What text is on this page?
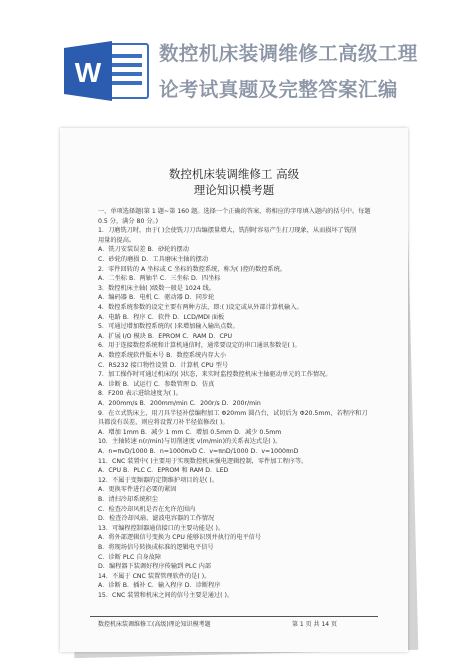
W
数控机床装调维修工高级工理
论考试真题及完整答案汇编
数控机床装调维修工 高级
理论知识模考题
一、单项选择题(第 1 题~第 160 题。选择一个正确的答案，将相应的字母填入题内的括号中。每题
0.5 分，满分 80 分。)
1．刀磨铣刀时，由于( )会使铣刀刀齿编摆量增大，铣削时容易产生打刀现象，从而损坏了铣削
用量的提高。
A．铣刀安装误差 B．砂轮的摆动
C．砂轮的磨损 D．工具磨床主轴的摆动
2．零件回转的 A 坐标或 C 坐标的数控系统，称为( )控的数控系统。
A．二坐标 B．两轴半 C．三坐标 D．四坐标
3．数控机床主轴( )级数一般是 1024 线。
A．编码器 B．电机 C．驱动器 D．同步轮
4．数控系统参数的设定主要有两种方法，即:( )设定或从外部计算机输入。
A．电路 B．程序 C．软件 D．LCD/MDI 面板
5．可通过增加数控系统的( )来增加输入输出点数。
A．扩展 I/O 模块 B．EPROM C．RAM D．CPU
6．用于连接数控系统和计算机通信时，通常要设定的串口通讯参数是( )。
A．数控系统软件版本号 B．数控系统内存大小
C．RS232 接口物性设置 D．计算机 CPU 型号
7．加工操作时可通过机床的( )状态，来实时监控数控机床主轴驱动单元的工作情况。
A．诊断 B．试运行 C．参数管理 D．仿真
8．F200 表示进给速度为( )。
A．200mm/s B．200mm/min C．200r/s D．200r/min
9．在立式铣床上，用刀具半径补偿编程加工 Φ20mm 圆凸台，试切后为 Φ20.5mm，若程序和刀
具都没有误差，则应将设置刀补半径值修改( )。
A．增加 1mm B．减少 1 mm C．增加 0.5mm D．减少 0.5mm
10．主轴转速 n(r/min)与切削速度 v(m/min)的关系表达式是( )。
A．n=πvD/1000 B．n=1000πvD C．v=πnD/1000 D．v=1000πnD
11．CNC 装置中( )主要用于实现数控机床强电逻辑控制，零件加工程序等。
A．CPU B．PLC C．EPROM 和 RAM D．LED
12．不属于变频器的定期维护项目的是( )。
A．更换零件进行必要的紧固
B．清扫冷却系统积尘
C．检查冷却风机是否在允许范围内
D．检查冷却风扇、滤波电容器的工作情况
13．可编程控制器通信接口的主要功能是( )。
A．将外部逻辑信号变换为 CPU 能够识别并执行的电平信号
B．将现场信号转换成标准的逻辑电平信号
C．诊断 PLC 自身故障
D．编程器下装调好程序传输到 PLC 内部
14．不属于 CNC 装置管理软件的是( )。
A．诊断 B．插补 C．输入程序 D．诊断程序
15．CNC 装置和机床之间的信号主要是通过( )。
数控机床装调维修工(高级)理论知识模考题	第 1 页 共 14 页
